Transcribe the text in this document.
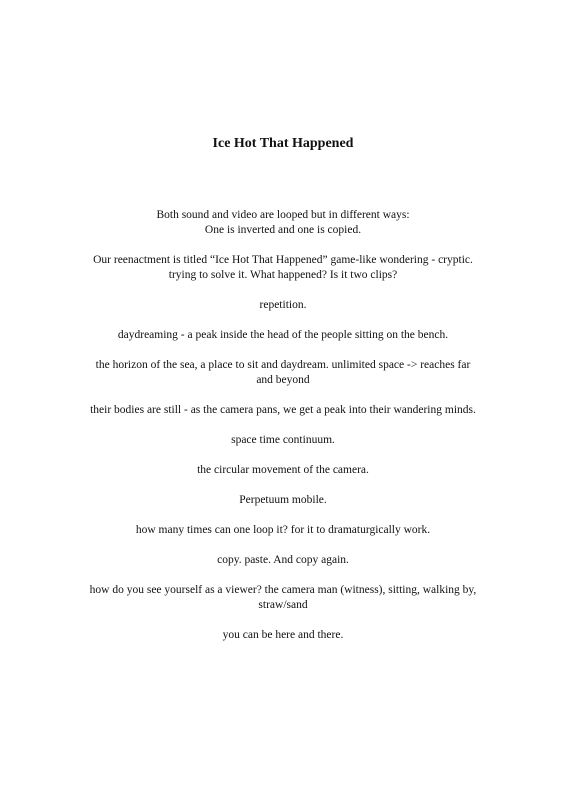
Ice Hot That Happened

Both sound and video are looped but in different ways:
One is inverted and one is copied.

Our reenactment is titled “Ice Hot That Happened” game-like wondering - cryptic.
trying to solve it. What happened? Is it two clips?

repetition.

daydreaming - a peak inside the head of the people sitting on the bench.

the horizon of the sea, a place to sit and daydream. unlimited space -> reaches far
and beyond

their bodies are still - as the camera pans, we get a peak into their wandering minds.

space time continuum.

the circular movement of the camera.

Perpetuum mobile.

how many times can one loop it? for it to dramaturgically work.

copy. paste. And copy again.

how do you see yourself as a viewer? the camera man (witness), sitting, walking by,
straw/sand

you can be here and there.
